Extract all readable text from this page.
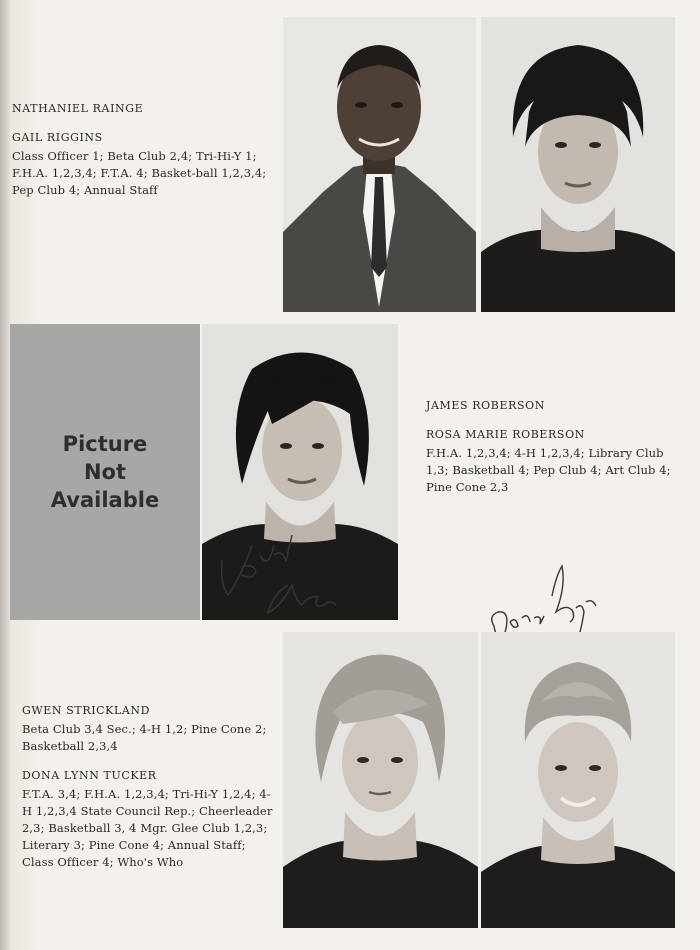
NATHANIEL RAINGE
GAIL RIGGINS
Class Officer 1; Beta Club 2,4; Tri-Hi-Y 1; F.H.A. 1,2,3,4; F.T.A. 4; Basket-ball 1,2,3,4; Pep Club 4; Annual Staff
Picture
Not
Available
JAMES ROBERSON
ROSA MARIE ROBERSON
F.H.A. 1,2,3,4; 4-H 1,2,3,4; Library Club 1,3; Basketball 4; Pep Club 4; Art Club 4; Pine Cone 2,3
GWEN STRICKLAND
Beta Club 3,4 Sec.; 4-H 1,2; Pine Cone 2; Basketball 2,3,4
DONA LYNN TUCKER
F.T.A. 3,4; F.H.A. 1,2,3,4; Tri-Hi-Y 1,2,4; 4-H 1,2,3,4 State Council Rep.; Cheerleader 2,3; Basketball 3, 4 Mgr. Glee Club 1,2,3; Literary 3; Pine Cone 4; Annual Staff; Class Officer 4; Who's Who
